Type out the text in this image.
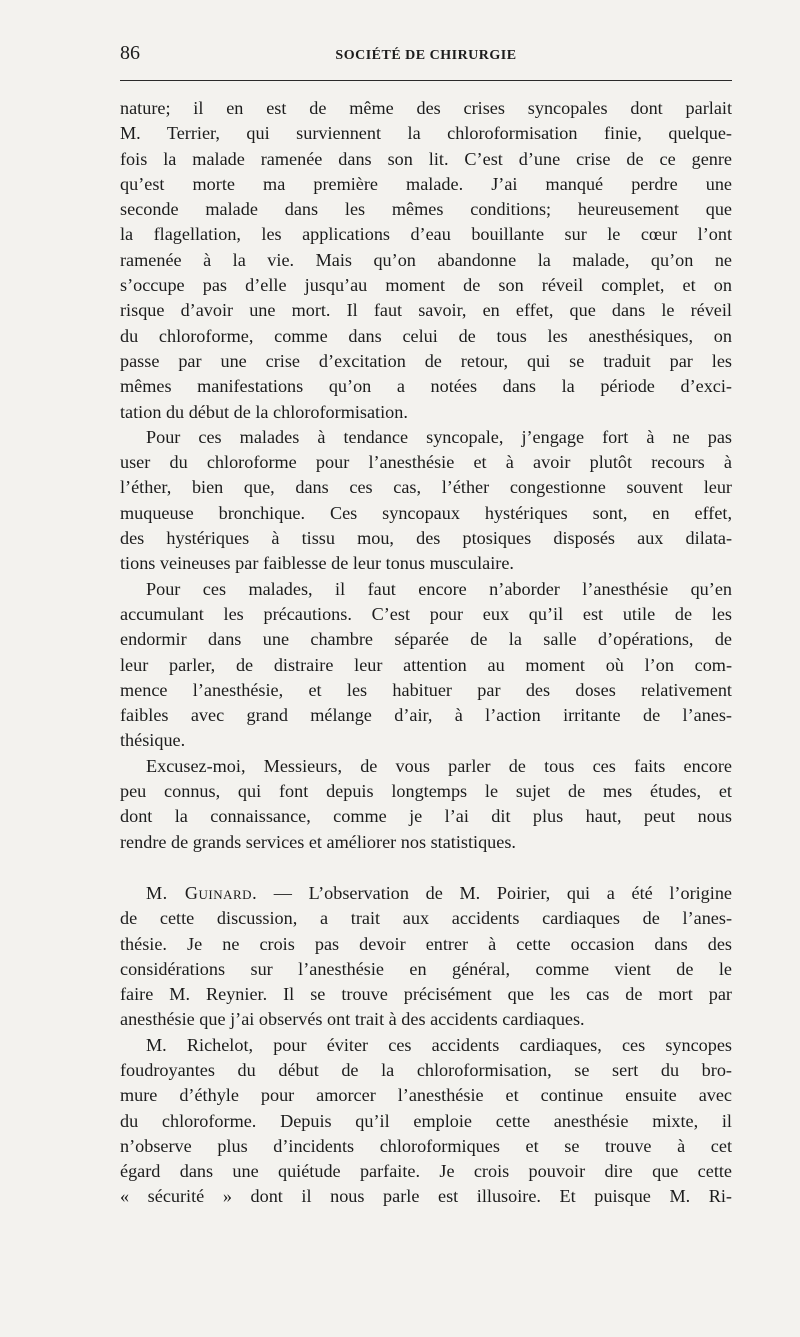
86	SOCIÉTÉ DE CHIRURGIE
nature; il en est de même des crises syncopales dont parlait
M. Terrier, qui surviennent la chloroformisation finie, quelque-
fois la malade ramenée dans son lit. C’est d’une crise de ce genre
qu’est morte ma première malade. J’ai manqué perdre une
seconde malade dans les mêmes conditions; heureusement que
la flagellation, les applications d’eau bouillante sur le cœur l’ont
ramenée à la vie. Mais qu’on abandonne la malade, qu’on ne
s’occupe pas d’elle jusqu’au moment de son réveil complet, et on
risque d’avoir une mort. Il faut savoir, en effet, que dans le réveil
du chloroforme, comme dans celui de tous les anesthésiques, on
passe par une crise d’excitation de retour, qui se traduit par les
mêmes manifestations qu’on a notées dans la période d’exci-
tation du début de la chloroformisation.
Pour ces malades à tendance syncopale, j’engage fort à ne pas
user du chloroforme pour l’anesthésie et à avoir plutôt recours à
l’éther, bien que, dans ces cas, l’éther congestionne souvent leur
muqueuse bronchique. Ces syncopaux hystériques sont, en effet,
des hystériques à tissu mou, des ptosiques disposés aux dilata-
tions veineuses par faiblesse de leur tonus musculaire.
Pour ces malades, il faut encore n’aborder l’anesthésie qu’en
accumulant les précautions. C’est pour eux qu’il est utile de les
endormir dans une chambre séparée de la salle d’opérations, de
leur parler, de distraire leur attention au moment où l’on com-
mence l’anesthésie, et les habituer par des doses relativement
faibles avec grand mélange d’air, à l’action irritante de l’anes-
thésique.
Excusez-moi, Messieurs, de vous parler de tous ces faits encore
peu connus, qui font depuis longtemps le sujet de mes études, et
dont la connaissance, comme je l’ai dit plus haut, peut nous
rendre de grands services et améliorer nos statistiques.
M. Guinard. — L’observation de M. Poirier, qui a été l’origine
de cette discussion, a trait aux accidents cardiaques de l’anes-
thésie. Je ne crois pas devoir entrer à cette occasion dans des
considérations sur l’anesthésie en général, comme vient de le
faire M. Reynier. Il se trouve précisément que les cas de mort par
anesthésie que j’ai observés ont trait à des accidents cardiaques.
M. Richelot, pour éviter ces accidents cardiaques, ces syncopes
foudroyantes du début de la chloroformisation, se sert du bro-
mure d’éthyle pour amorcer l’anesthésie et continue ensuite avec
du chloroforme. Depuis qu’il emploie cette anesthésie mixte, il
n’observe plus d’incidents chloroformiques et se trouve à cet
égard dans une quiétude parfaite. Je crois pouvoir dire que cette
« sécurité » dont il nous parle est illusoire. Et puisque M. Ri-
